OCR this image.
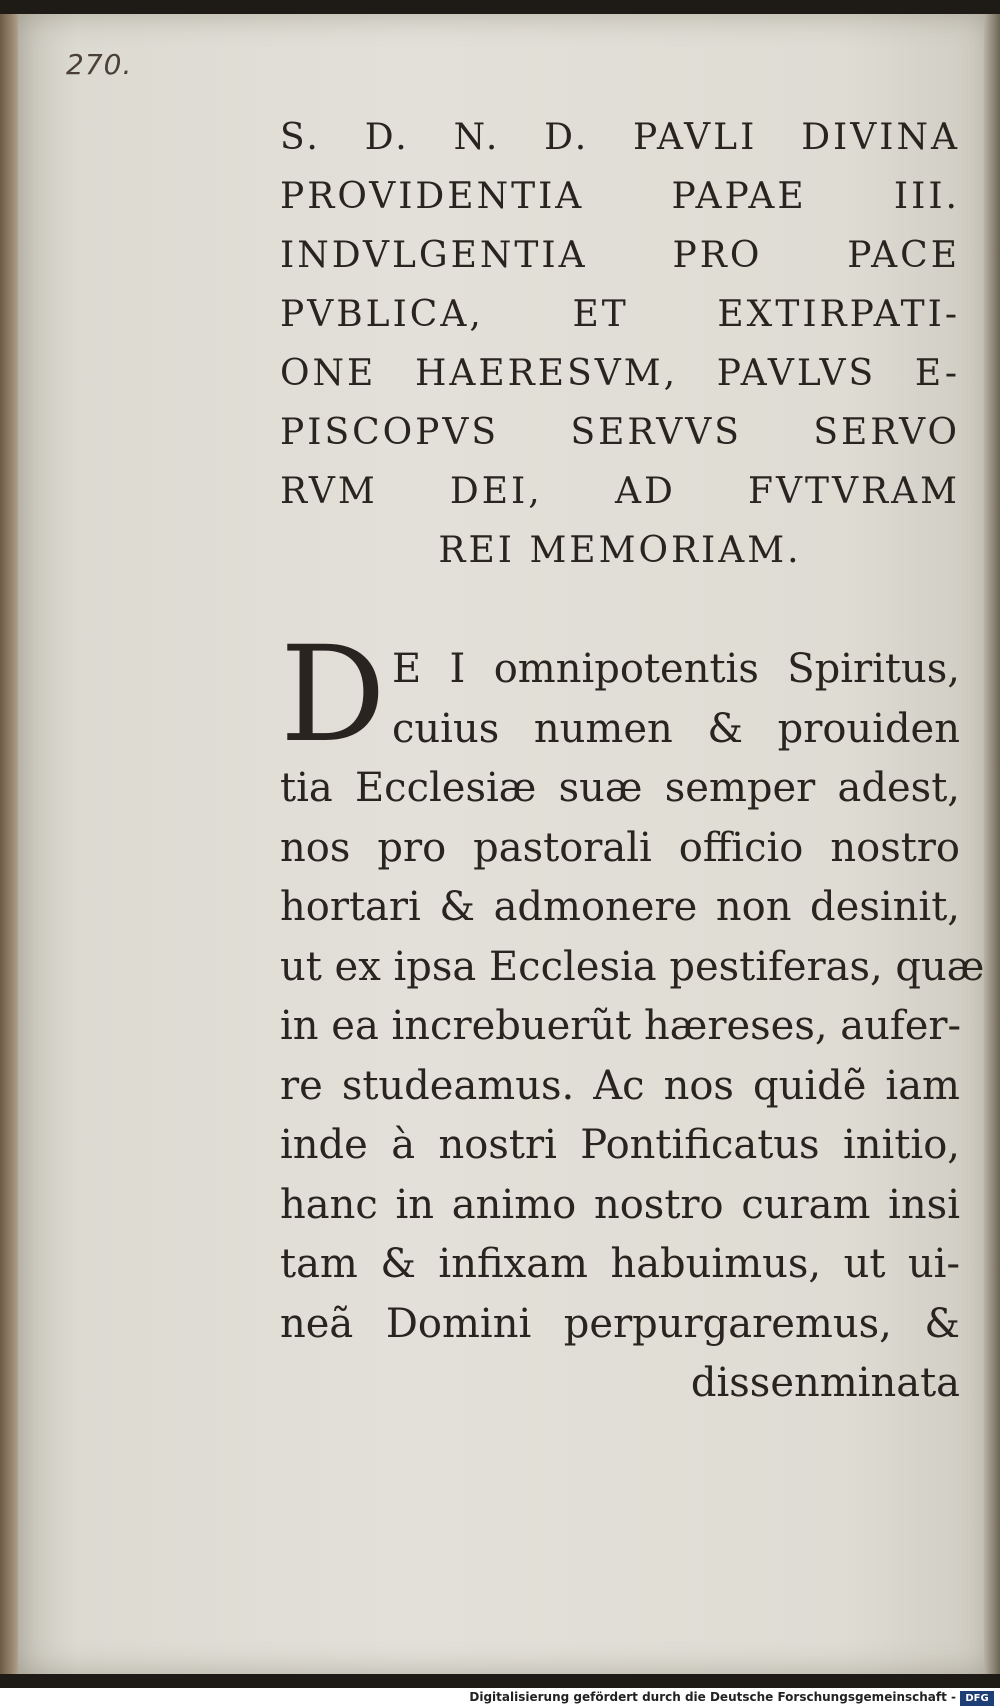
270.
S. D. N. D. PAVLI DIVINA
PROVIDENTIA PAPAE III.
INDVLGENTIA PRO PACE
PVBLICA, ET EXTIRPATI-
ONE HAERESVM, PAVLVS E-
PISCOPVS SERVVS SERVO
RVM DEI, AD FVTVRAM
REI MEMORIAM.
D E I omnipotentis Spiritus,
cuius numen & prouiden
tia Ecclesiæ suæ semper adest,
nos pro pastorali officio nostro
hortari & admonere non desinit,
ut ex ipsa Ecclesia pestiferas, quæ
in ea increbuerũt hæreses, aufer-
re studeamus. Ac nos quidẽ iam
inde à nostri Pontificatus initio,
hanc in animo nostro curam insi
tam & infixam habuimus, ut ui-
neã Domini perpurgaremus, &
dissenminata
Digitalisierung gefördert durch die Deutsche Forschungsgemeinschaft - DFG
